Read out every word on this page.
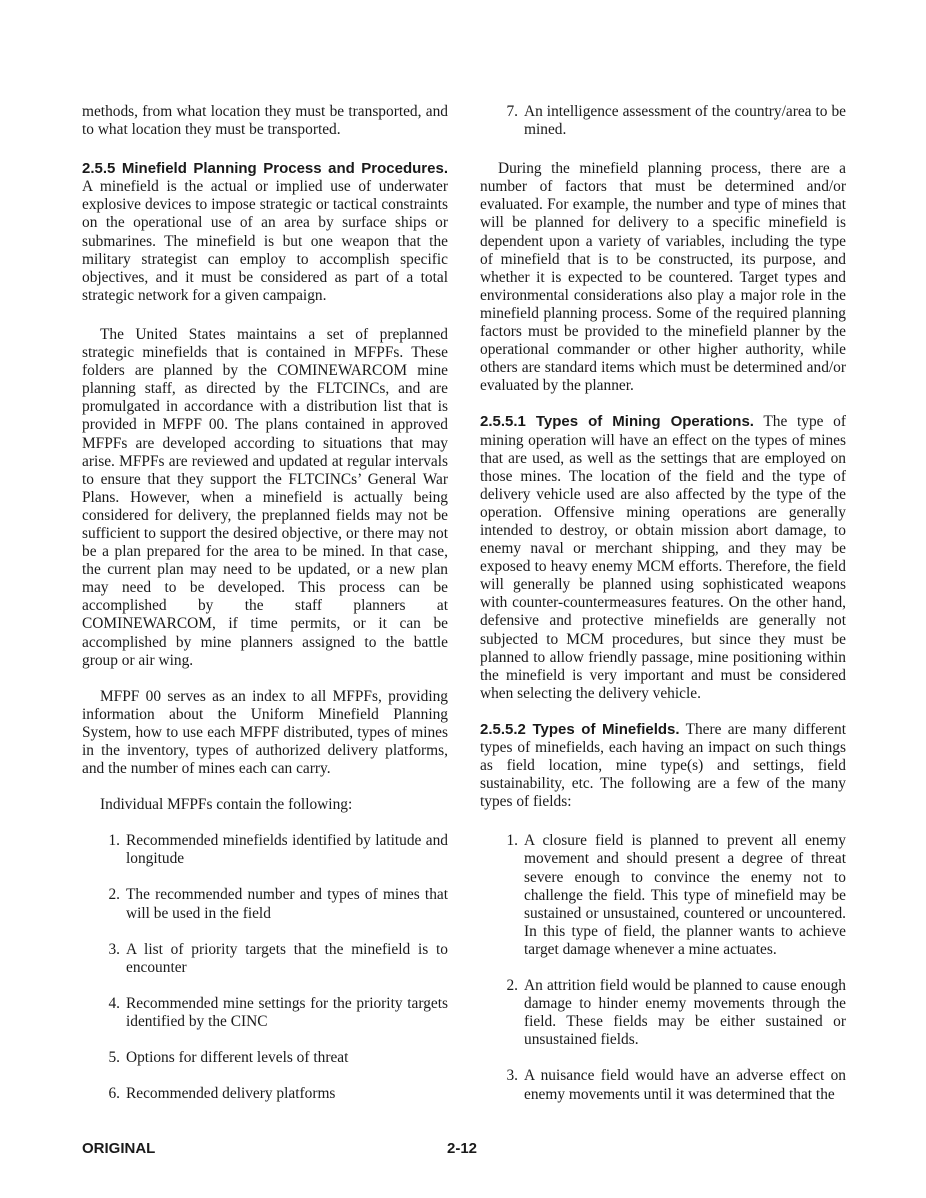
methods, from what location they must be transported, and to what location they must be transported.

2.5.5 Minefield Planning Process and Procedures. A minefield is the actual or implied use of underwater explosive devices to impose strategic or tactical constraints on the operational use of an area by surface ships or submarines. The minefield is but one weapon that the military strategist can employ to accomplish specific objectives, and it must be considered as part of a total strategic network for a given campaign.

The United States maintains a set of preplanned strategic minefields that is contained in MFPFs. These folders are planned by the COMINEWARCOM mine planning staff, as directed by the FLTCINCs, and are promulgated in accordance with a distribution list that is provided in MFPF 00. The plans contained in approved MFPFs are developed according to situations that may arise. MFPFs are reviewed and updated at regular intervals to ensure that they support the FLTCINCs’ General War Plans. However, when a minefield is actually being considered for delivery, the preplanned fields may not be sufficient to support the desired objective, or there may not be a plan prepared for the area to be mined. In that case, the current plan may need to be updated, or a new plan may need to be developed. This process can be accomplished by the staff planners at COMINEWARCOM, if time permits, or it can be accomplished by mine planners assigned to the battle group or air wing.

MFPF 00 serves as an index to all MFPFs, providing information about the Uniform Minefield Planning System, how to use each MFPF distributed, types of mines in the inventory, types of authorized delivery platforms, and the number of mines each can carry.

Individual MFPFs contain the following:

1. Recommended minefields identified by latitude and longitude
2. The recommended number and types of mines that will be used in the field
3. A list of priority targets that the minefield is to encounter
4. Recommended mine settings for the priority targets identified by the CINC
5. Options for different levels of threat
6. Recommended delivery platforms
7. An intelligence assessment of the country/area to be mined.

During the minefield planning process, there are a number of factors that must be determined and/or evaluated. For example, the number and type of mines that will be planned for delivery to a specific minefield is dependent upon a variety of variables, including the type of minefield that is to be constructed, its purpose, and whether it is expected to be countered. Target types and environmental considerations also play a major role in the minefield planning process. Some of the required planning factors must be provided to the minefield planner by the operational commander or other higher authority, while others are standard items which must be determined and/or evaluated by the planner.

2.5.5.1 Types of Mining Operations. The type of mining operation will have an effect on the types of mines that are used, as well as the settings that are employed on those mines. The location of the field and the type of delivery vehicle used are also affected by the type of the operation. Offensive mining operations are generally intended to destroy, or obtain mission abort damage, to enemy naval or merchant shipping, and they may be exposed to heavy enemy MCM efforts. Therefore, the field will generally be planned using sophisticated weapons with counter-countermeasures features. On the other hand, defensive and protective minefields are generally not subjected to MCM procedures, but since they must be planned to allow friendly passage, mine positioning within the minefield is very important and must be considered when selecting the delivery vehicle.

2.5.5.2 Types of Minefields. There are many different types of minefields, each having an impact on such things as field location, mine type(s) and settings, field sustainability, etc. The following are a few of the many types of fields:

1. A closure field is planned to prevent all enemy movement and should present a degree of threat severe enough to convince the enemy not to challenge the field. This type of minefield may be sustained or unsustained, countered or uncountered. In this type of field, the planner wants to achieve target damage whenever a mine actuates.
2. An attrition field would be planned to cause enough damage to hinder enemy movements through the field. These fields may be either sustained or unsustained fields.
3. A nuisance field would have an adverse effect on enemy movements until it was determined that the
ORIGINAL	2-12
